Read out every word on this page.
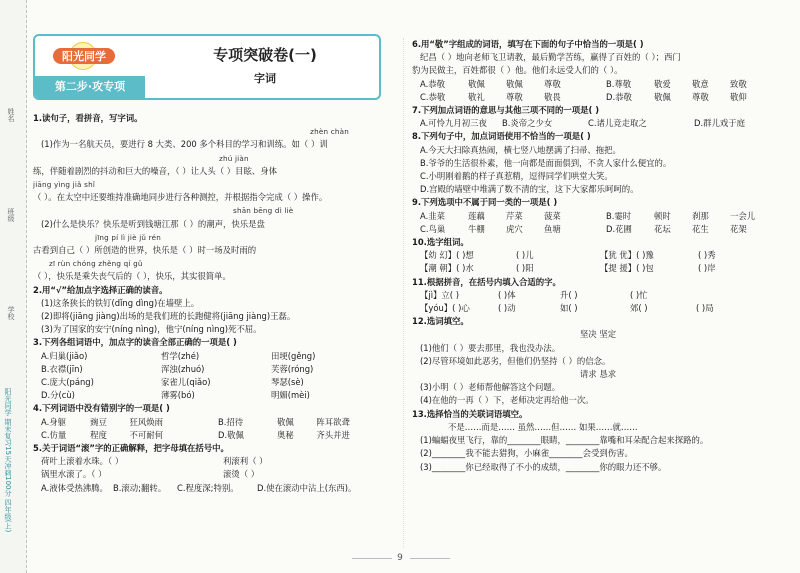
姓名
班级
学校
阳光同学 期末复习15天冲刺100分 四年级(上)
阳光同学
第二步·攻专项
专项突破卷(一)
字词
1.读句子，看拼音，写字词。
zhèn chàn
(1)作为一名航天员，要进行 8 大类、200 多个科目的学习和训练。如（ ）训
zhú jiàn
练，伴随着剧烈的抖动和巨大的噪音，（ ）让人头（ ）目眩、身体
jiāng yìng jiǎ shǐ
（ ）。在太空中还要维持准确地同步进行各种测控，并根据指令完成（ ）操作。
shān bēng dì liè
(2)什么是快乐？快乐是听到钱塘江那（ ）的潮声，快乐是盘
jīng pí lì jiè jǔ rén
古看到自己（ ）所创造的世界，快乐是（ ）时一场及时雨的
zī rùn chóng zhěng qí gǔ
（ ），快乐是乘失丧气后的（ ），快乐，其实很简单。
2.用“√”给加点字选择正确的读音。
(1)这条狭长的铁钉(dǐng dìng)在墙壁上。
(2)即将(jiāng jiàng)出场的是我们班的长跑健将(jiāng jiàng)王磊。
(3)为了国家的安宁(níng nìng)，他宁(níng nìng)死不屈。
3.下列各组词语中，加点字的读音全部正确的一项是( )
A.归巢(jiǎo)	哲学(zhé)	田埂(gěng)
B.衣襟(jīn)	浑浊(zhuó)	芙蓉(róng)
C.庞大(páng)	家雀儿(qiǎo)	琴瑟(sè)
D.分(cù)	薄雾(bó)	明媚(mèi)
4.下列词语中没有错别字的一项是( )
A.身躯	豌豆	狂风焕雨	B.招待	敬佩	阵耳欲聋
C.仿量	程度	不可耐何	D.敬佩	奥秘	齐头并进
5.关于词语“滚”字的正确解释，把字母填在括号中。
荷叶上滚着水珠。（ ）	利滚利（ ）
锅里水滚了。（ ）	滚烫（ ）
A.液体受热沸腾。 B.滚动;翻转。	C.程度深;特别。	D.使在滚动中沾上(东西)。
6.用“敬”字组成的词语，填写在下面的句子中恰当的一项是( )
纪昌（ ）地向老师飞卫请教，最后勤学苦练，赢得了百姓的（ ）；西门
豹为民做主，百姓都很（ ）他。他们永远受人们的（ ）。
A.恭敬	敬佩	敬佩	尊敬	B.尊敬	敬爱	敬意	致敬
C.恭敬	敬礼	尊敬	敬畏	D.恭敬	敬佩	尊敬	敬仰
7.下列加点词语的意思与其他三项不同的一项是( )
A.可怜九月初三夜	B.炎帝之少女	C.诸儿竞走取之	D.群儿戏于庭
8.下列句子中，加点词语使用不恰当的一项是( )
A.今天大扫除真热闹，横七竖八地摆满了扫帚、拖把。
B.爷爷的生活很朴素，他一向都是面面俱到，不贪人家什么便宜的。
C.小明刚着鹅的样子真惹精，逗得同学们哄堂大笑。
D.宫殿的墙壁中堆满了数不清的宝，这下大家都乐呵呵的。
9.下列选项中不属于同一类的一项是( )
A.韭菜	莲藕	芹菜	菠菜	B.霎时	顿时	刹那	一会儿
C.鸟巢	牛棚	虎穴	鱼塘	D.花圃	花坛	花生	花架
10.选字组词。
【幼 幻】( )想	( )儿	【犹 优】( )豫	( )秀
【潮 朝】( )水	( )阳	【提 援】( )包	( )岸
11.根据拼音，在括号内填入合适的字。
【jì】立( )	( )体	升( )	( )忙
【yóu】( )心	( )动	如( )	郊( )	( )局
12.选词填空。
坚决 坚定
(1)他们（ ）要去那里，我也没办法。
(2)尽管环境如此恶劣，但他们仍坚持（ ）的信念。
请求 恳求
(3)小明（ ）老师帮他解答这个问题。
(4)在他的一再（ ）下，老师决定再给他一次。
13.选择恰当的关联词语填空。
不是……而是…… 虽然……但…… 如果……就……
(1)蝙蝠夜里飞行，靠的________眼睛，________靠嘴和耳朵配合起来探路的。
(2)________我不能去猎狗，小麻雀________会受到伤害。
(3)________你已经取得了不小的成绩，________你的眼力还不够。
9
